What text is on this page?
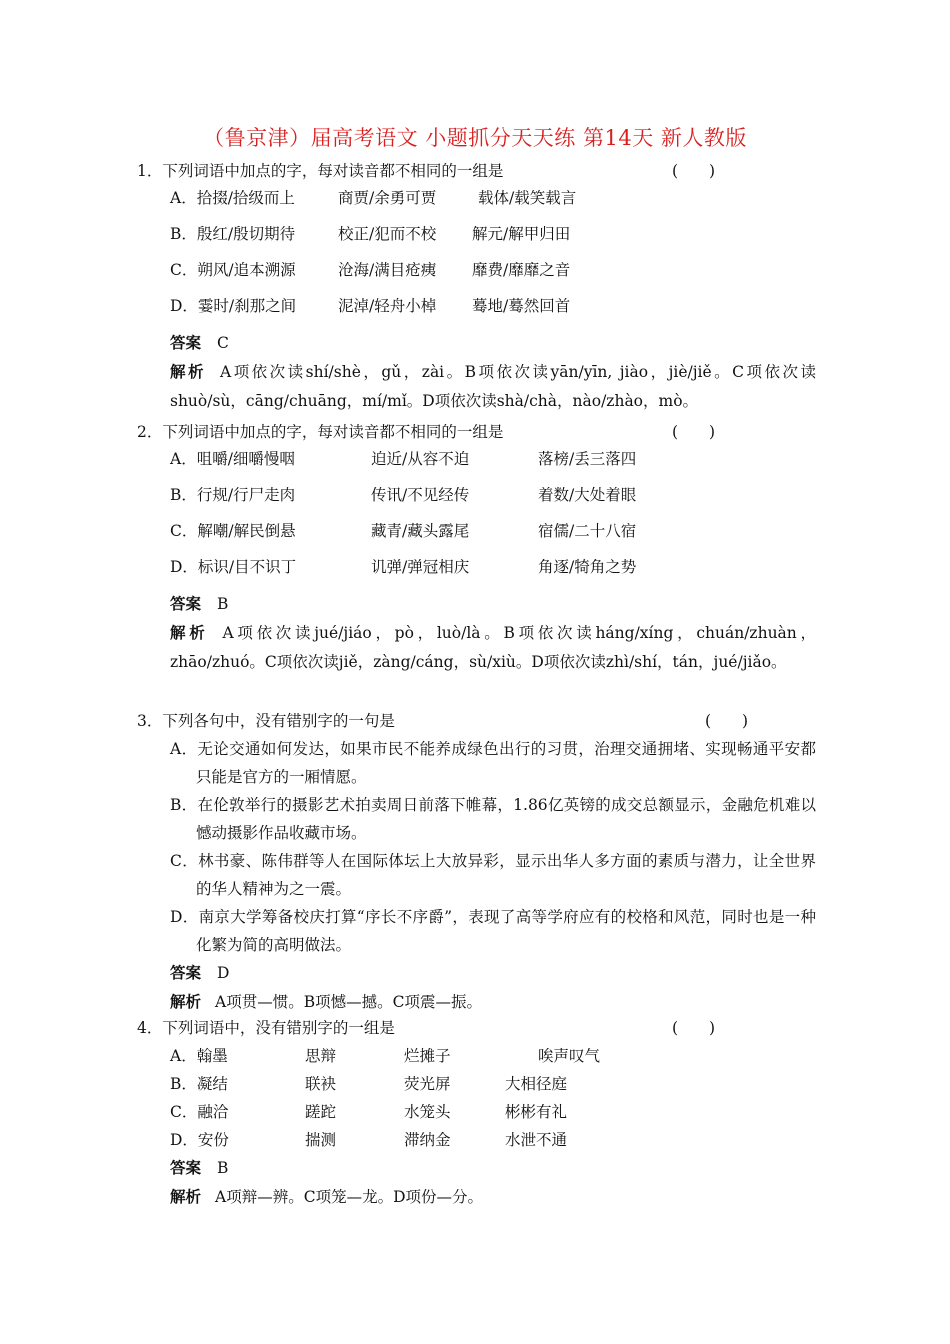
（鲁京津）届高考语文 小题抓分天天练 第14天 新人教版
1．下列词语中加点的字，每对读音都不相同的一组是	(　　)
A．拾掇/拾级而上	商贾/余勇可贾	载体/载笑载言
B．殷红/殷切期待	校正/犯而不校 解元/解甲归田
C．朔风/追本溯源	沧海/满目疮痍 靡费/靡靡之音
D．霎时/刹那之间	泥淖/轻舟小棹 蓦地/蓦然回首
答案 C
解析 A项依次读shí/shè，gǔ，zài。B项依次读yān/yīn, jiào，jiè/jiě。C项依次读shuò/sù，cāng/chuāng，mí/mǐ。D项依次读shà/chà，nào/zhào，mò。
2．下列词语中加点的字，每对读音都不相同的一组是	(　　)
A．咀嚼/细嚼慢咽	迫近/从容不迫	落榜/丢三落四
B．行规/行尸走肉	传讯/不见经传	着数/大处着眼
C．解嘲/解民倒悬	藏青/藏头露尾	宿儒/二十八宿
D．标识/目不识丁	讥弹/弹冠相庆	角逐/犄角之势
答案 B
解析 A项依次读jué/jiáo，pò，luò/là。B项依次读háng/xíng，chuán/zhuàn，zhāo/zhuó。C项依次读jiě，zàng/cáng，sù/xiù。D项依次读zhì/shí，tán，jué/jiǎo。
3．下列各句中，没有错别字的一句是	(　　)
A．无论交通如何发达，如果市民不能养成绿色出行的习贯，治理交通拥堵、实现畅通平安都只能是官方的一厢情愿。
B．在伦敦举行的摄影艺术拍卖周日前落下帷幕，1.86亿英镑的成交总额显示，金融危机难以憾动摄影作品收藏市场。
C．林书豪、陈伟群等人在国际体坛上大放异彩，显示出华人多方面的素质与潜力，让全世界的华人精神为之一震。
D．南京大学筹备校庆打算“序长不序爵”，表现了高等学府应有的校格和风范，同时也是一种化繁为简的高明做法。
答案 D
解析 A项贯—惯。B项憾—撼。C项震—振。
4．下列词语中，没有错别字的一组是	(　　)
A．翰墨	思辩	烂摊子	唉声叹气
B．凝结	联袂	荧光屏	大相径庭
C．融洽	蹉跎	水笼头	彬彬有礼
D．安份	揣测	滞纳金	水泄不通
答案 B
解析 A项辩—辨。C项笼—龙。D项份—分。
